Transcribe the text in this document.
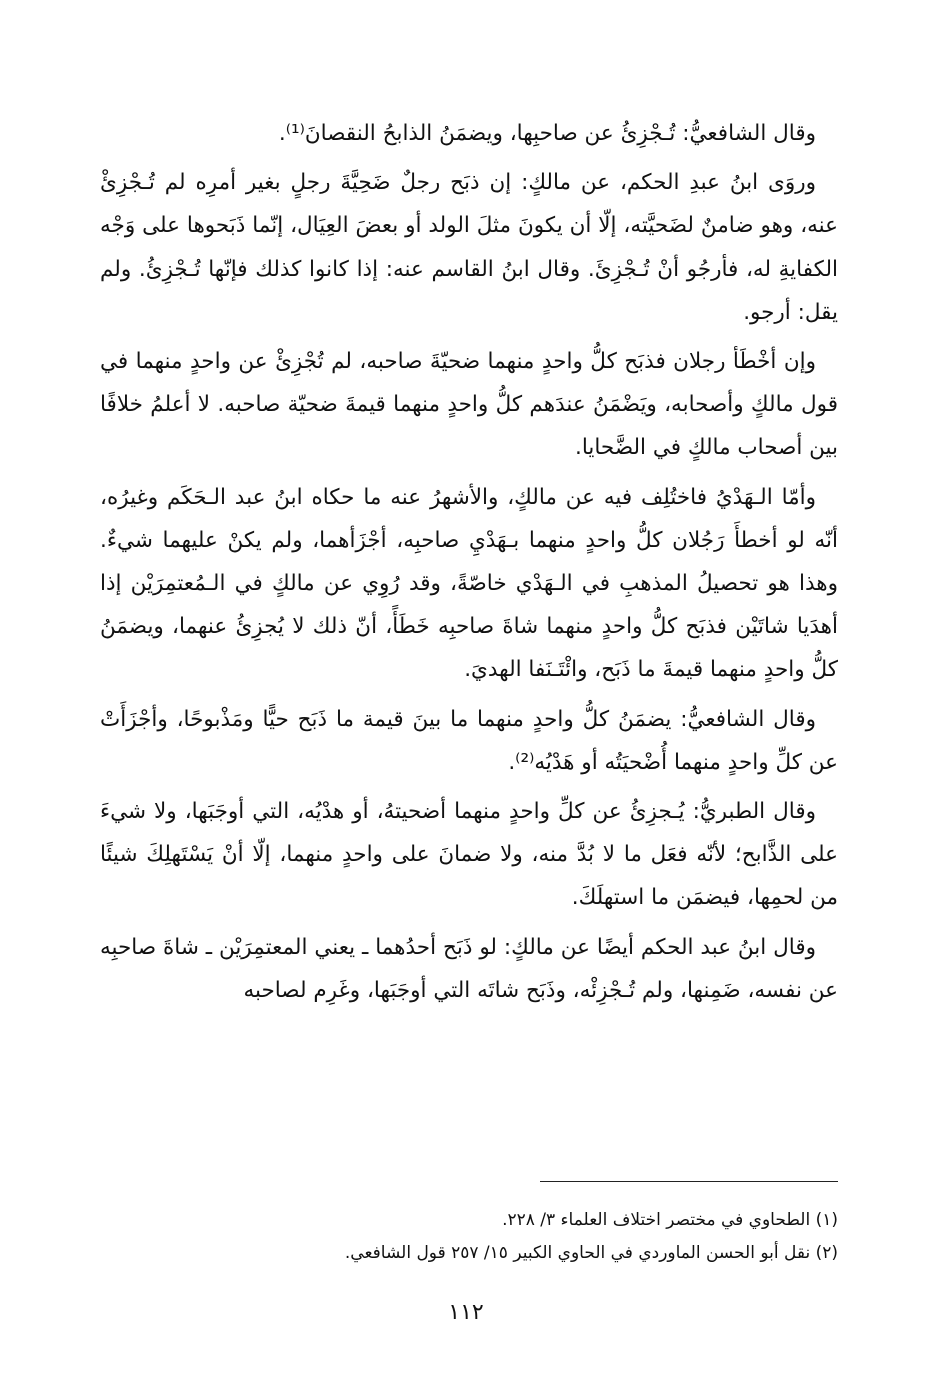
وقال الشافعيُّ: تُـجْزِئُ عن صاحبِها، ويضمَنُ الذابحُ النقصانَ⁽¹⁾.

وروَى ابنُ عبدِ الحكم، عن مالكٍ: إن ذبَح رجلٌ ضَحِيَّةَ رجلٍ بغير أمرِه لم تُـجْزِئْ عنه، وهو ضامنٌ لضَحيَّته، إلّا أن يكونَ مثلَ الولد أو بعضَ العِيَال، إنّما ذَبَحوها على وَجْه الكفايةِ له، فأرجُو أنْ تُـجْزِئَ. وقال ابنُ القاسم عنه: إذا كانوا كذلك فإنّها تُـجْزِئُ. ولم يقل: أرجو.

وإن أخْطَأ رجلان فذبَح كلُّ واحدٍ منهما ضحيّةَ صاحبه، لم تُجْزِئْ عن واحدٍ منهما في قول مالكٍ وأصحابه، ويَضْمَنُ عندَهم كلُّ واحدٍ منهما قيمةَ ضحيّة صاحبه. لا أعلمُ خلافًا بين أصحاب مالكٍ في الضَّحايا.

وأمّا الـهَدْيُ فاختُلِف فيه عن مالكٍ، والأشهرُ عنه ما حكاه ابنُ عبد الـحَكَم وغيرُه، أنّه لو أخطأَ رَجُلان كلُّ واحدٍ منهما بـهَدْيِ صاحبِه، أجْزَأهما، ولم يكنْ عليهما شيءٌ. وهذا هو تحصيلُ المذهبِ في الـهَدْي خاصّةً، وقد رُوِي عن مالكٍ في الـمُعتمِرَيْن إذا أهدَيا شاتَيْن فذبَح كلُّ واحدٍ منهما شاةَ صاحبِه خَطَأً، أنّ ذلك لا يُجزِئُ عنهما، ويضمَنُ كلُّ واحدٍ منهما قيمةَ ما ذَبَح، وائْتَـنَفا الهديَ.

وقال الشافعيُّ: يضمَنُ كلُّ واحدٍ منهما ما بينَ قيمة ما ذَبَح حيًّا ومَذْبوحًا، وأجْزَأَتْ عن كلِّ واحدٍ منهما أُضْحيَتُه أو هَدْيُه⁽²⁾.

وقال الطبريُّ: يُـجزِئُ عن كلِّ واحدٍ منهما أضحيتهُ، أو هدْيُه، التي أوجَبَها، ولا شيءَ على الذَّابح؛ لأنّه فعَل ما لا بُدَّ منه، ولا ضمانَ على واحدٍ منهما، إلّا أنْ يَسْتَهلِكَ شيئًا من لحمِها، فيضمَن ما استهلَكَ.

وقال ابنُ عبد الحكم أيضًا عن مالكٍ: لو ذَبَح أحدُهما ـ يعني المعتمِرَيْن ـ شاةَ صاحبِه عن نفسه، ضَمِنها، ولم تُـجْزِئْه، وذَبَح شاتَه التي أوجَبَها، وغَرِم لصاحبه

(١) الطحاوي في مختصر اختلاف العلماء ٣/ ٢٢٨.

(٢) نقل أبو الحسن الماوردي في الحاوي الكبير ١٥/ ٢٥٧ قول الشافعي.

١١٢
